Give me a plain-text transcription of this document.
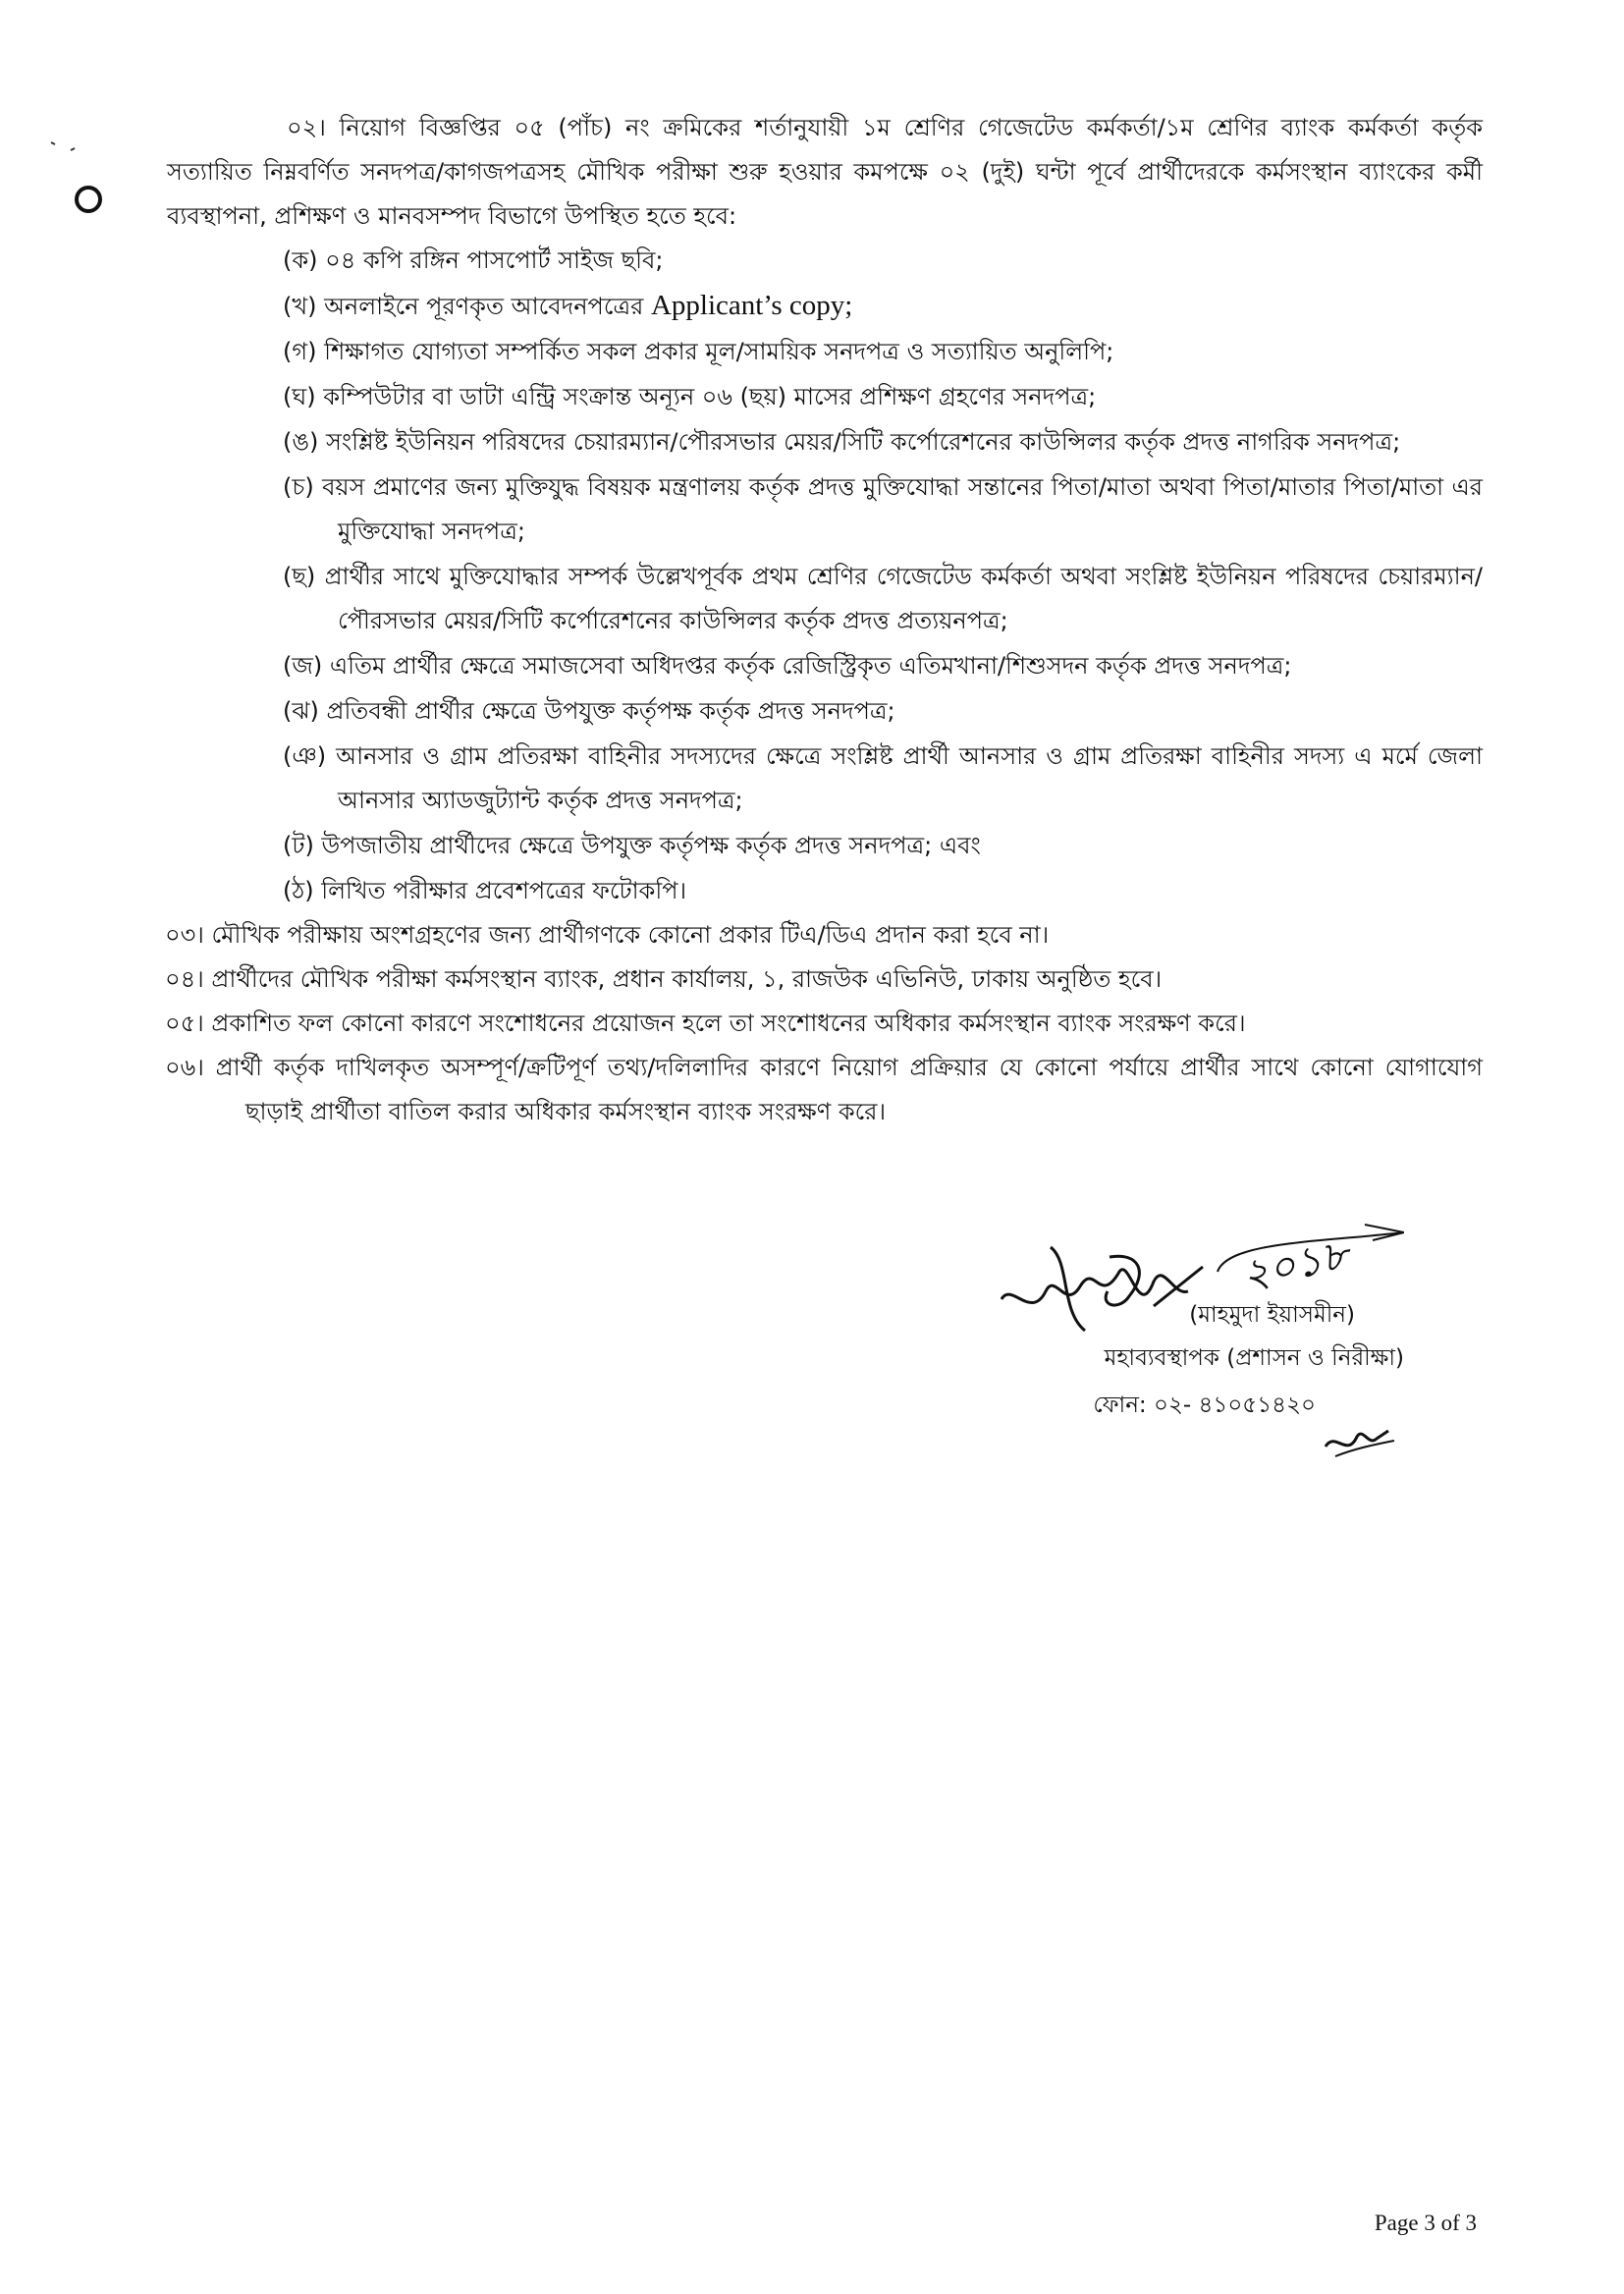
০২। নিয়োগ বিজ্ঞপ্তির ০৫ (পাঁচ) নং ক্রমিকের শর্তানুযায়ী ১ম শ্রেণির গেজেটেড কর্মকর্তা/১ম শ্রেণির ব্যাংক কর্মকর্তা কর্তৃক সত্যায়িত নিম্নবর্ণিত সনদপত্র/কাগজপত্রসহ মৌখিক পরীক্ষা শুরু হওয়ার কমপক্ষে ০২ (দুই) ঘন্টা পূর্বে প্রার্থীদেরকে কর্মসংস্থান ব্যাংকের কর্মী ব্যবস্থাপনা, প্রশিক্ষণ ও মানবসম্পদ বিভাগে উপস্থিত হতে হবে:

(ক) ০৪ কপি রঙ্গিন পাসপোর্ট সাইজ ছবি;
(খ) অনলাইনে পূরণকৃত আবেদনপত্রের Applicant’s copy;
(গ) শিক্ষাগত যোগ্যতা সম্পর্কিত সকল প্রকার মূল/সাময়িক সনদপত্র ও সত্যায়িত অনুলিপি;
(ঘ) কম্পিউটার বা ডাটা এন্ট্রি সংক্রান্ত অন্যূন ০৬ (ছয়) মাসের প্রশিক্ষণ গ্রহণের সনদপত্র;
(ঙ) সংশ্লিষ্ট ইউনিয়ন পরিষদের চেয়ারম্যান/পৌরসভার মেয়র/সিটি কর্পোরেশনের কাউন্সিলর কর্তৃক প্রদত্ত নাগরিক সনদপত্র;
(চ) বয়স প্রমাণের জন্য মুক্তিযুদ্ধ বিষয়ক মন্ত্রণালয় কর্তৃক প্রদত্ত মুক্তিযোদ্ধা সন্তানের পিতা/মাতা অথবা পিতা/মাতার পিতা/মাতা এর মুক্তিযোদ্ধা সনদপত্র;
(ছ) প্রার্থীর সাথে মুক্তিযোদ্ধার সম্পর্ক উল্লেখপূর্বক প্রথম শ্রেণির গেজেটেড কর্মকর্তা অথবা সংশ্লিষ্ট ইউনিয়ন পরিষদের চেয়ারম্যান/পৌরসভার মেয়র/সিটি কর্পোরেশনের কাউন্সিলর কর্তৃক প্রদত্ত প্রত্যয়নপত্র;
(জ) এতিম প্রার্থীর ক্ষেত্রে সমাজসেবা অধিদপ্তর কর্তৃক রেজিস্ট্রিকৃত এতিমখানা/শিশুসদন কর্তৃক প্রদত্ত সনদপত্র;
(ঝ) প্রতিবন্ধী প্রার্থীর ক্ষেত্রে উপযুক্ত কর্তৃপক্ষ কর্তৃক প্রদত্ত সনদপত্র;
(ঞ) আনসার ও গ্রাম প্রতিরক্ষা বাহিনীর সদস্যদের ক্ষেত্রে সংশ্লিষ্ট প্রার্থী আনসার ও গ্রাম প্রতিরক্ষা বাহিনীর সদস্য এ মর্মে জেলা আনসার অ্যাডজুট্যান্ট কর্তৃক প্রদত্ত সনদপত্র;
(ট) উপজাতীয় প্রার্থীদের ক্ষেত্রে উপযুক্ত কর্তৃপক্ষ কর্তৃক প্রদত্ত সনদপত্র; এবং
(ঠ) লিখিত পরীক্ষার প্রবেশপত্রের ফটোকপি।
০৩। মৌখিক পরীক্ষায় অংশগ্রহণের জন্য প্রার্থীগণকে কোনো প্রকার টিএ/ডিএ প্রদান করা হবে না।
০৪। প্রার্থীদের মৌখিক পরীক্ষা কর্মসংস্থান ব্যাংক, প্রধান কার্যালয়, ১, রাজউক এভিনিউ, ঢাকায় অনুষ্ঠিত হবে।
০৫। প্রকাশিত ফল কোনো কারণে সংশোধনের প্রয়োজন হলে তা সংশোধনের অধিকার কর্মসংস্থান ব্যাংক সংরক্ষণ করে।
০৬। প্রার্থী কর্তৃক দাখিলকৃত অসম্পূর্ণ/ক্রটিপূর্ণ তথ্য/দলিলাদির কারণে নিয়োগ প্রক্রিয়ার যে কোনো পর্যায়ে প্রার্থীর সাথে কোনো যোগাযোগ ছাড়াই প্রার্থীতা বাতিল করার অধিকার কর্মসংস্থান ব্যাংক সংরক্ষণ করে।
২০১৮
(মাহমুদা ইয়াসমীন)
মহাব্যবস্থাপক (প্রশাসন ও নিরীক্ষা)
ফোন: ০২- ৪১০৫১৪২০
Page 3 of 3
